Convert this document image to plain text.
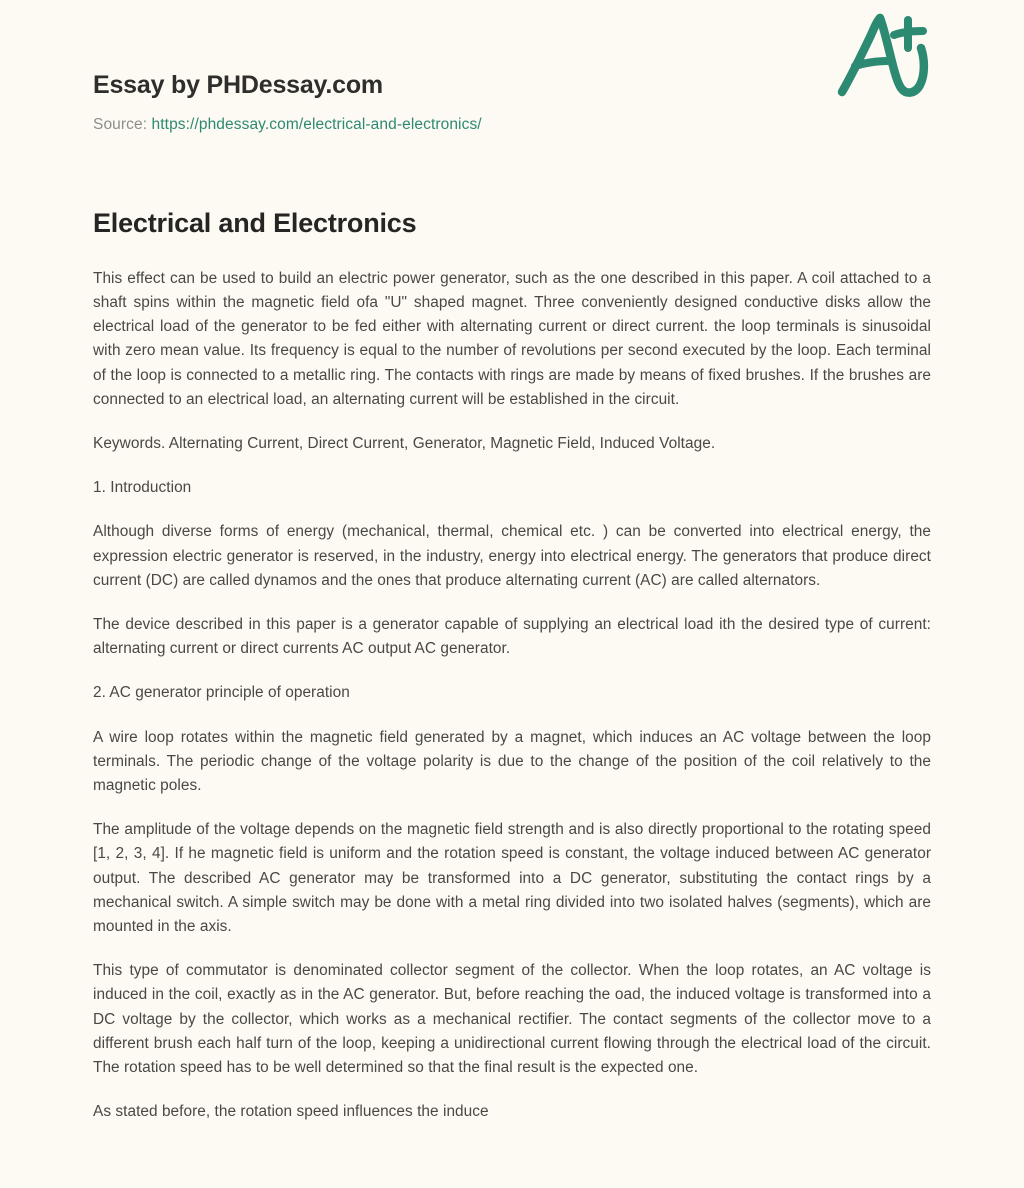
Essay by PHDessay.com
Source: https://phdessay.com/electrical-and-electronics/
Electrical and Electronics

This effect can be used to build an electric power generator, such as the one described in this paper. A coil attached to a shaft spins within the magnetic field ofa "U" shaped magnet. Three conveniently designed conductive disks allow the electrical load of the generator to be fed either with alternating current or direct current. the loop terminals is sinusoidal with zero mean value. Its frequency is equal to the number of revolutions per second executed by the loop. Each terminal of the loop is connected to a metallic ring. The contacts with rings are made by means of fixed brushes. If the brushes are connected to an electrical load, an alternating current will be established in the circuit.

Keywords. Alternating Current, Direct Current, Generator, Magnetic Field, Induced Voltage.

1. Introduction

Although diverse forms of energy (mechanical, thermal, chemical etc. ) can be converted into electrical energy, the expression electric generator is reserved, in the industry, energy into electrical energy. The generators that produce direct current (DC) are called dynamos and the ones that produce alternating current (AC) are called alternators.

The device described in this paper is a generator capable of supplying an electrical load ith the desired type of current: alternating current or direct currents AC output AC generator.

2. AC generator principle of operation

A wire loop rotates within the magnetic field generated by a magnet, which induces an AC voltage between the loop terminals. The periodic change of the voltage polarity is due to the change of the position of the coil relatively to the magnetic poles.

The amplitude of the voltage depends on the magnetic field strength and is also directly proportional to the rotating speed [1, 2, 3, 4]. If he magnetic field is uniform and the rotation speed is constant, the voltage induced between AC generator output. The described AC generator may be transformed into a DC generator, substituting the contact rings by a mechanical switch. A simple switch may be done with a metal ring divided into two isolated halves (segments), which are mounted in the axis.

This type of commutator is denominated collector segment of the collector. When the loop rotates, an AC voltage is induced in the coil, exactly as in the AC generator. But, before reaching the oad, the induced voltage is transformed into a DC voltage by the collector, which works as a mechanical rectifier. The contact segments of the collector move to a different brush each half turn of the loop, keeping a unidirectional current flowing through the electrical load of the circuit. The rotation speed has to be well determined so that the final result is the expected one.

As stated before, the rotation speed influences the induce
